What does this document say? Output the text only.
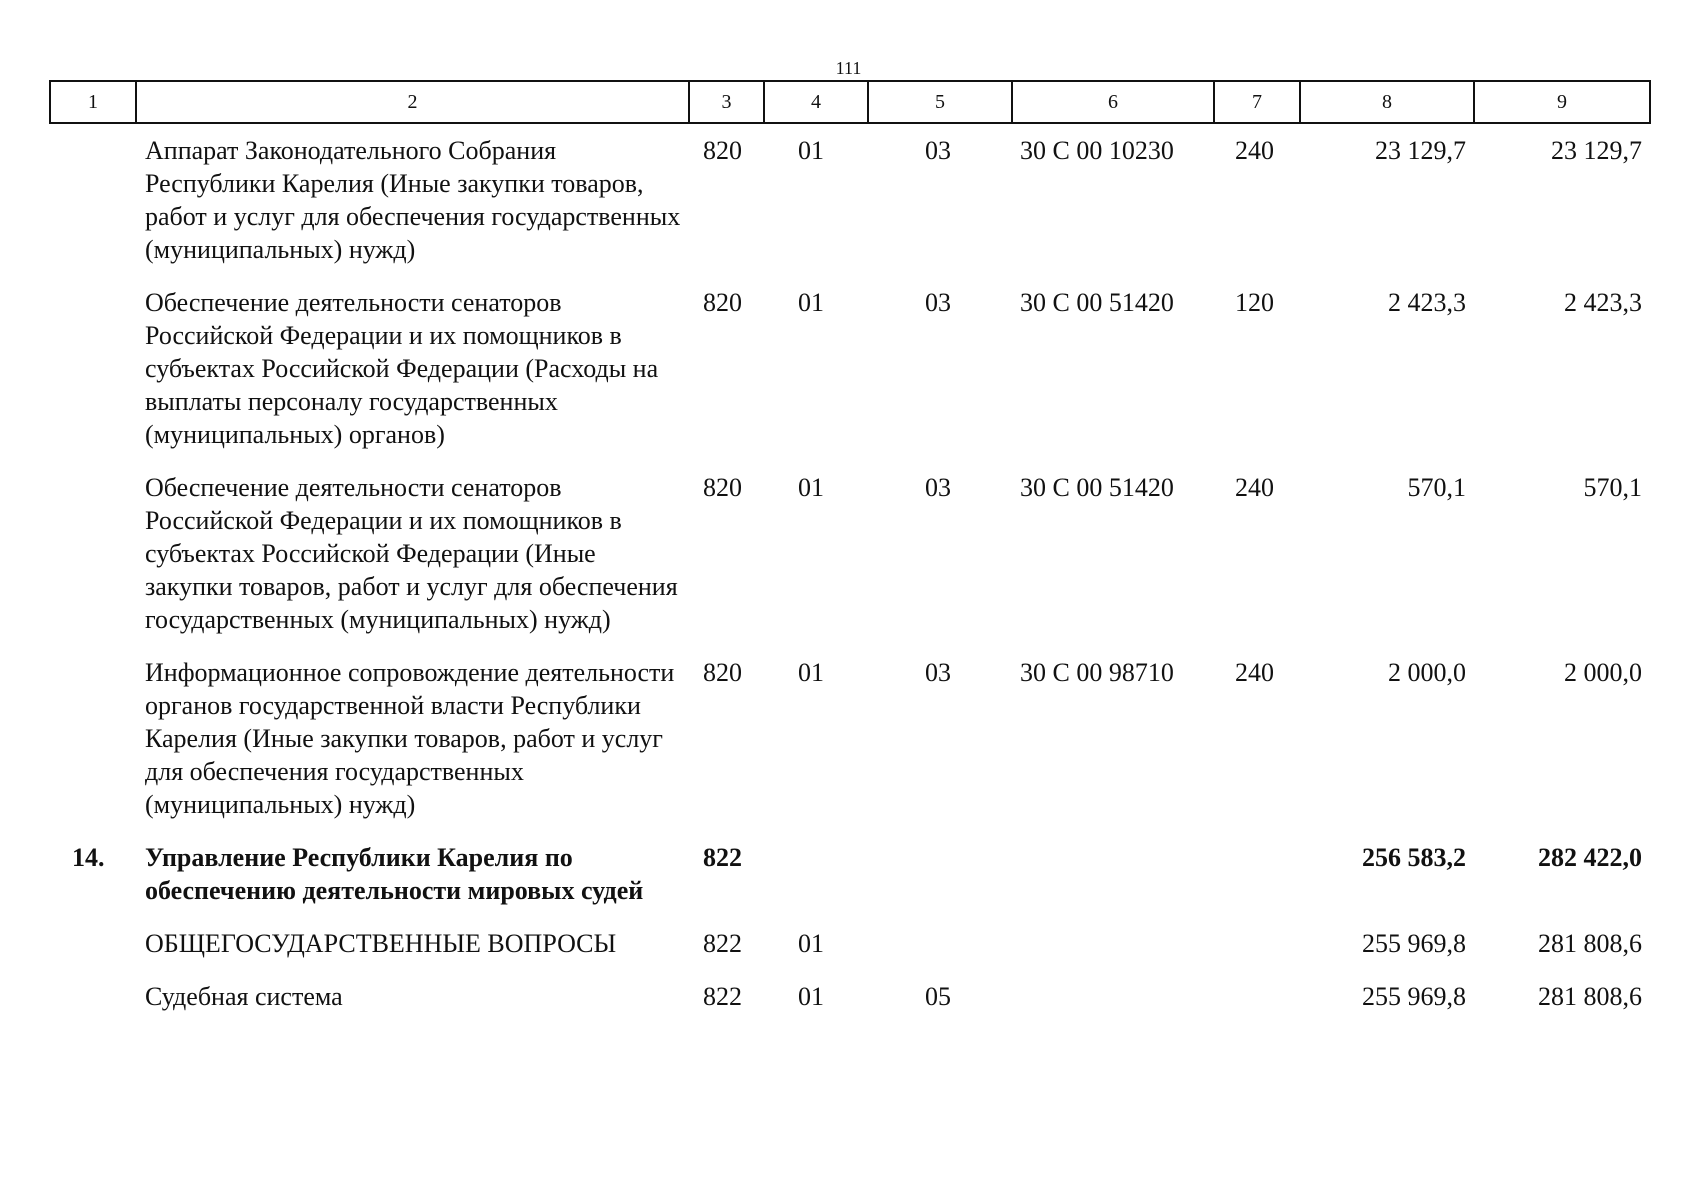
111
1	2	3	4	5	6	7	8	9
	Аппарат Законодательного Собрания Республики Карелия (Иные закупки товаров, работ и услуг для обеспечения государственных (муниципальных) нужд)	820	01	03	30 С 00 10230	240	23 129,7	23 129,7
	Обеспечение деятельности сенаторов Российской Федерации и их помощников в субъектах Российской Федерации (Расходы на выплаты персоналу государственных (муниципальных) органов)	820	01	03	30 С 00 51420	120	2 423,3	2 423,3
	Обеспечение деятельности сенаторов Российской Федерации и их помощников в субъектах Российской Федерации (Иные закупки товаров, работ и услуг для обеспечения государственных (муниципальных) нужд)	820	01	03	30 С 00 51420	240	570,1	570,1
	Информационное сопровождение деятельности органов государственной власти Республики Карелия (Иные закупки товаров, работ и услуг для обеспечения государственных (муниципальных) нужд)	820	01	03	30 С 00 98710	240	2 000,0	2 000,0
14.	Управление Республики Карелия по обеспечению деятельности мировых судей	822					256 583,2	282 422,0
	ОБЩЕГОСУДАРСТВЕННЫЕ ВОПРОСЫ	822	01				255 969,8	281 808,6
	Судебная система	822	01	05			255 969,8	281 808,6
